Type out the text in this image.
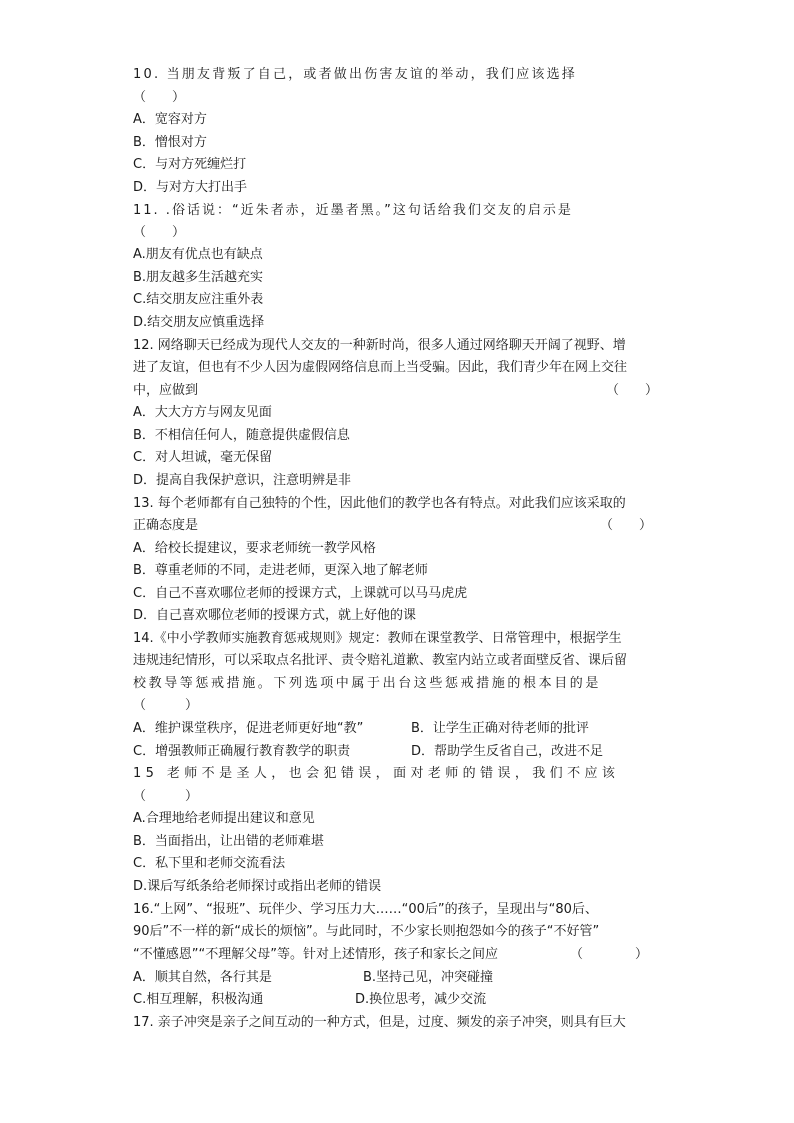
10. 当朋友背叛了自己，或者做出伤害友谊的举动，我们应该选择
（　　）
A．宽容对方
B．憎恨对方
C．与对方死缠烂打
D．与对方大打出手
11. .俗话说：“近朱者赤，近墨者黑。”这句话给我们交友的启示是
（　　）
A.朋友有优点也有缺点
B.朋友越多生活越充实
C.结交朋友应注重外表
D.结交朋友应慎重选择
12. 网络聊天已经成为现代人交友的一种新时尚，很多人通过网络聊天开阔了视野、增
进了友谊，但也有不少人因为虚假网络信息而上当受骗。因此，我们青少年在网上交往
中，应做到	（　　）
A．大大方方与网友见面
B．不相信任何人，随意提供虚假信息
C．对人坦诚，毫无保留
D．提高自我保护意识，注意明辨是非
13. 每个老师都有自己独特的个性，因此他们的教学也各有特点。对此我们应该采取的
正确态度是	（　　）
A．给校长提建议，要求老师统一教学风格
B．尊重老师的不同，走进老师，更深入地了解老师
C．自己不喜欢哪位老师的授课方式，上课就可以马马虎虎
D．自己喜欢哪位老师的授课方式，就上好他的课
14.《中小学教师实施教育惩戒规则》规定：教师在课堂教学、日常管理中，根据学生
违规违纪情形，可以采取点名批评、责令赔礼道歉、教室内站立或者面壁反省、课后留
校教导等惩戒措施。下列选项中属于出台这些惩戒措施的根本目的是
（　　　）
A．维护课堂秩序，促进老师更好地“教”	B．让学生正确对待老师的批评
C．增强教师正确履行教育教学的职责	D．帮助学生反省自己，改进不足
15 老师不是圣人，也会犯错误，面对老师的错误，我们不应该
（　　　）
A.合理地给老师提出建议和意见
B．当面指出，让出错的老师难堪
C．私下里和老师交流看法
D.课后写纸条给老师探讨或指出老师的错误
16.“上网”、“报班”、玩伴少、学习压力大……“00后”的孩子，呈现出与“80后、
90后”不一样的新“成长的烦恼”。与此同时，不少家长则抱怨如今的孩子“不好管”
“不懂感恩”“不理解父母”等。针对上述情形，孩子和家长之间应	（　　　　）
A．顺其自然，各行其是	B.坚持己见，冲突碰撞
C.相互理解，积极沟通	D.换位思考，减少交流
17. 亲子冲突是亲子之间互动的一种方式，但是，过度、频发的亲子冲突，则具有巨大
